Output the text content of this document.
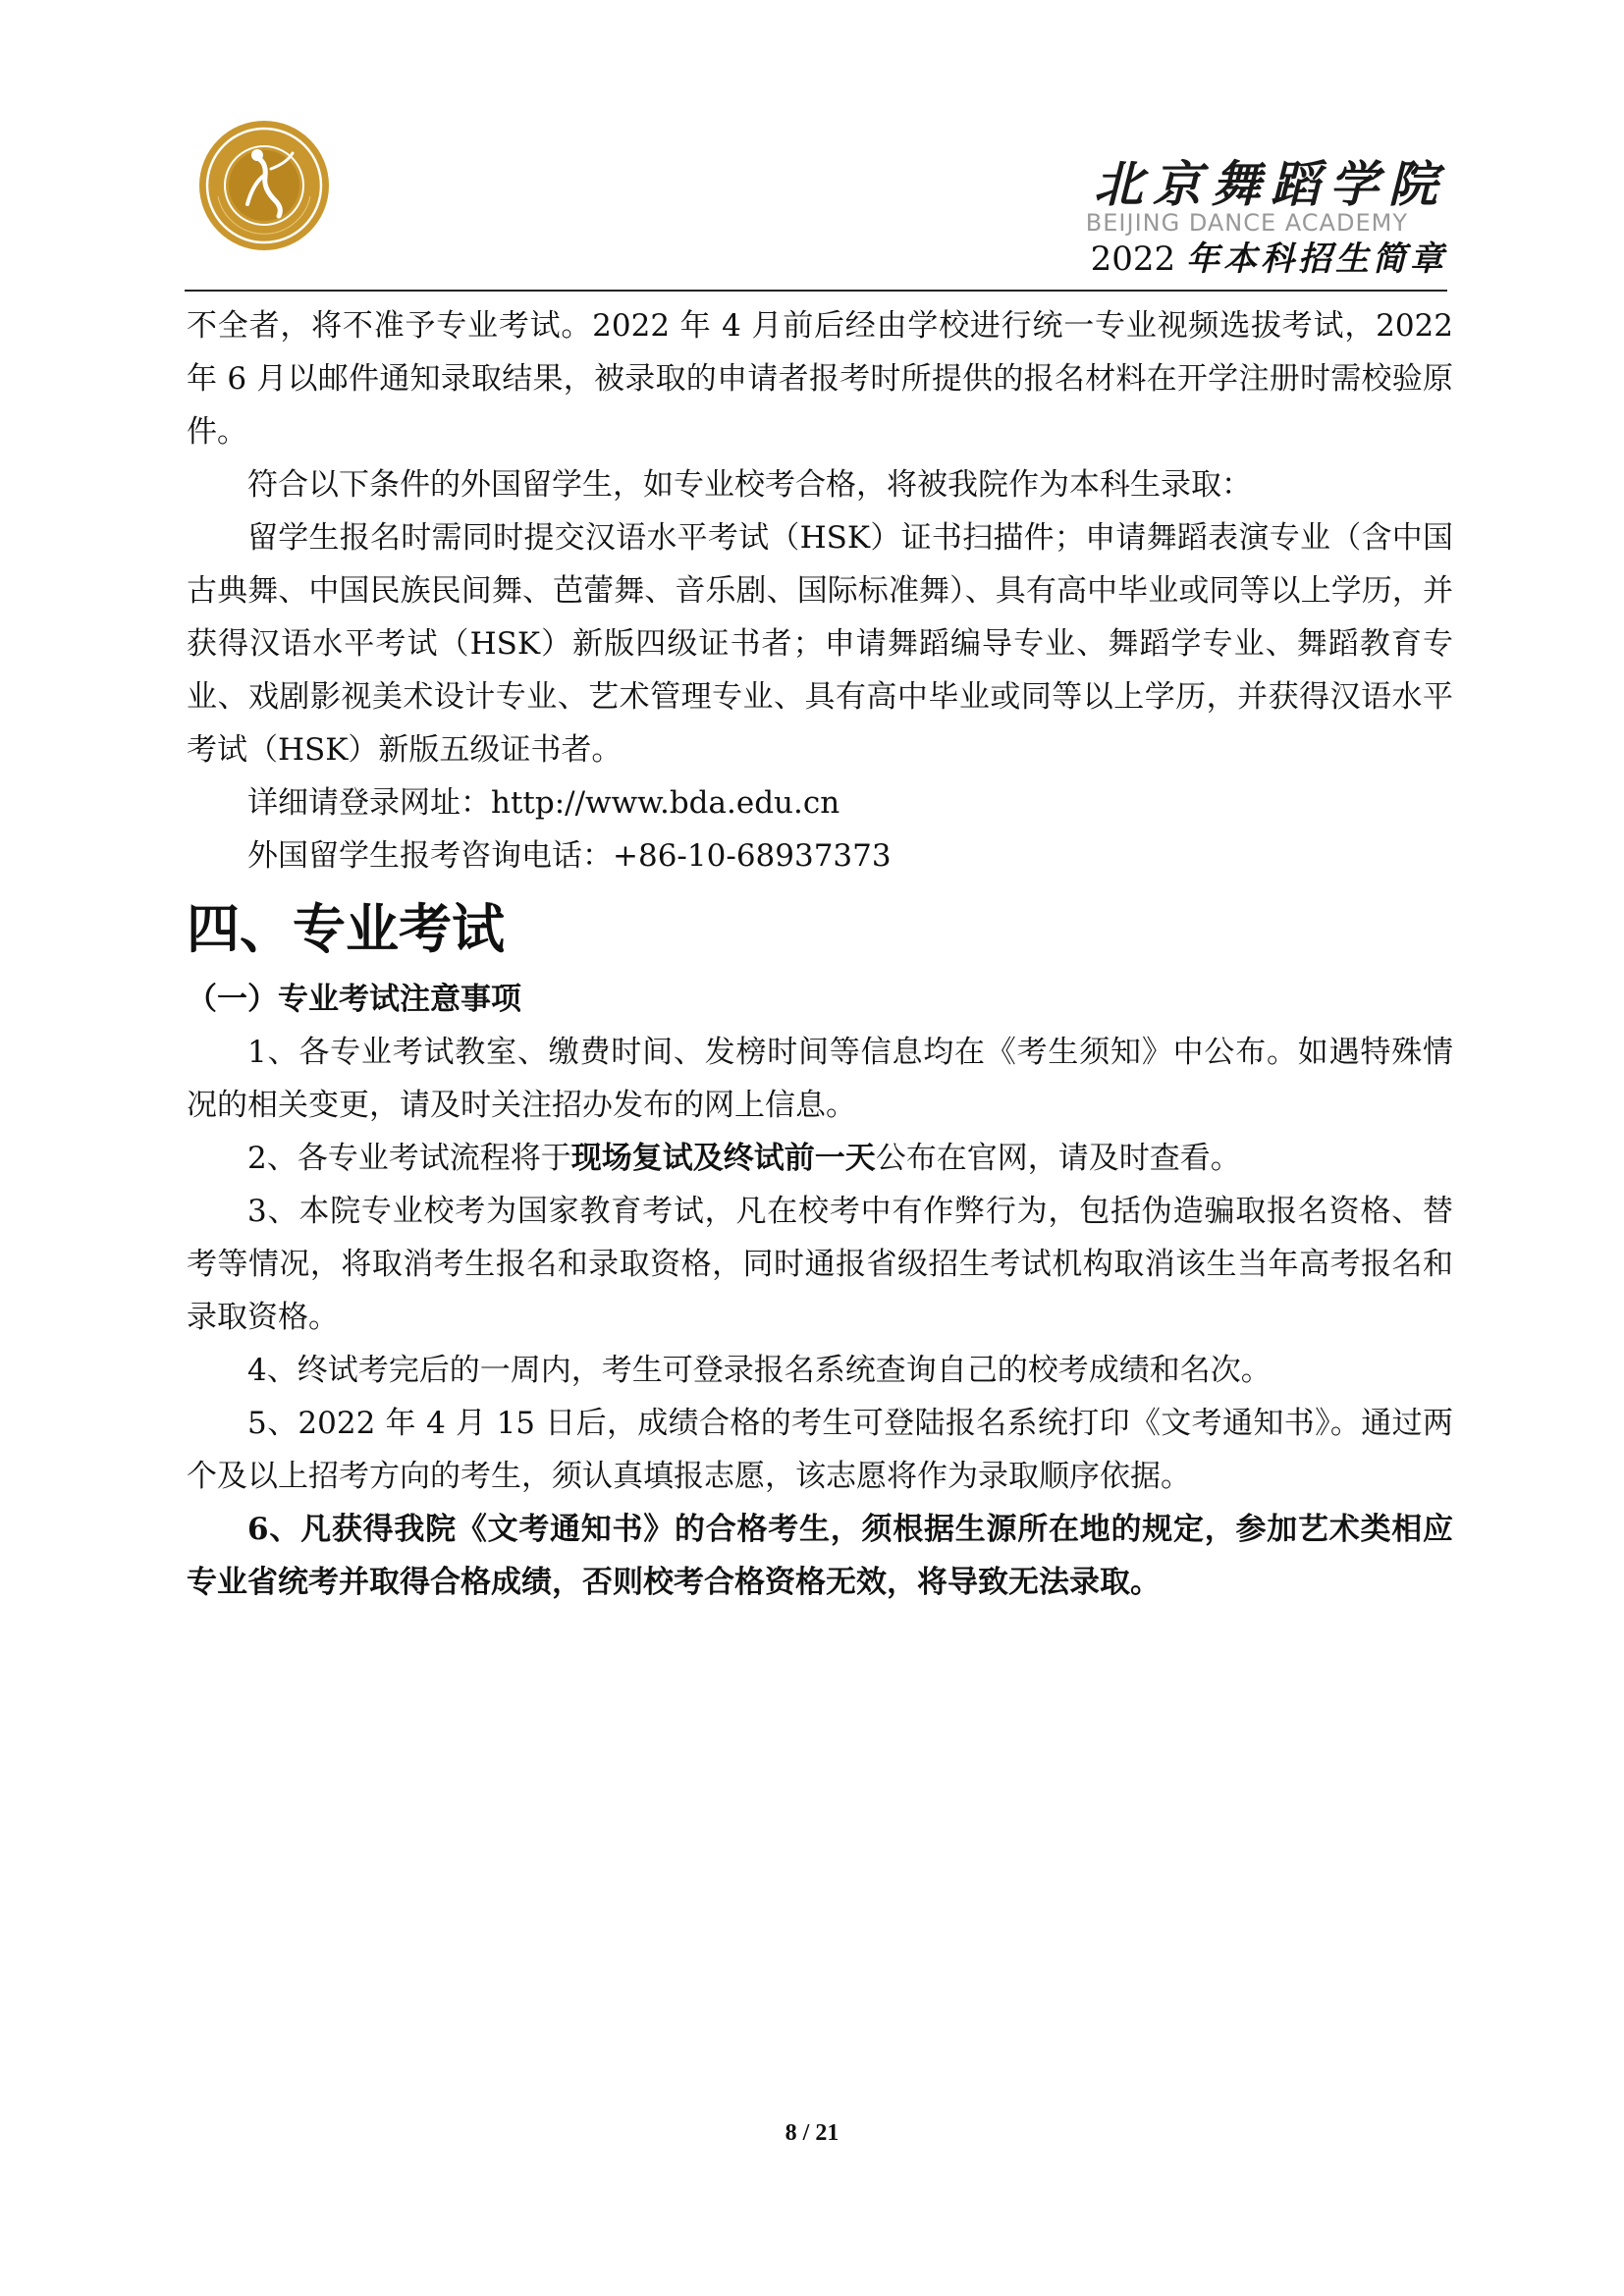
北京舞蹈学院
BEIJING DANCE ACADEMY
2022 年本科招生简章

不全者，将不准予专业考试。2022 年 4 月前后经由学校进行统一专业视频选拔考试，2022 年 6 月以邮件通知录取结果，被录取的申请者报考时所提供的报名材料在开学注册时需校验原件。

符合以下条件的外国留学生，如专业校考合格，将被我院作为本科生录取：

留学生报名时需同时提交汉语水平考试（HSK）证书扫描件；申请舞蹈表演专业（含中国古典舞、中国民族民间舞、芭蕾舞、音乐剧、国际标准舞）、具有高中毕业或同等以上学历，并获得汉语水平考试（HSK）新版四级证书者；申请舞蹈编导专业、舞蹈学专业、舞蹈教育专业、戏剧影视美术设计专业、艺术管理专业、具有高中毕业或同等以上学历，并获得汉语水平考试（HSK）新版五级证书者。

详细请登录网址：http://www.bda.edu.cn

外国留学生报考咨询电话：+86-10-68937373

四、专业考试
（一）专业考试注意事项

1、各专业考试教室、缴费时间、发榜时间等信息均在《考生须知》中公布。如遇特殊情况的相关变更，请及时关注招办发布的网上信息。

2、各专业考试流程将于现场复试及终试前一天公布在官网，请及时查看。

3、本院专业校考为国家教育考试，凡在校考中有作弊行为，包括伪造骗取报名资格、替考等情况，将取消考生报名和录取资格，同时通报省级招生考试机构取消该生当年高考报名和录取资格。

4、终试考完后的一周内，考生可登录报名系统查询自己的校考成绩和名次。

5、2022 年 4 月 15 日后，成绩合格的考生可登陆报名系统打印《文考通知书》。通过两个及以上招考方向的考生，须认真填报志愿，该志愿将作为录取顺序依据。

6、凡获得我院《文考通知书》的合格考生，须根据生源所在地的规定，参加艺术类相应专业省统考并取得合格成绩，否则校考合格资格无效，将导致无法录取。

8 / 21
